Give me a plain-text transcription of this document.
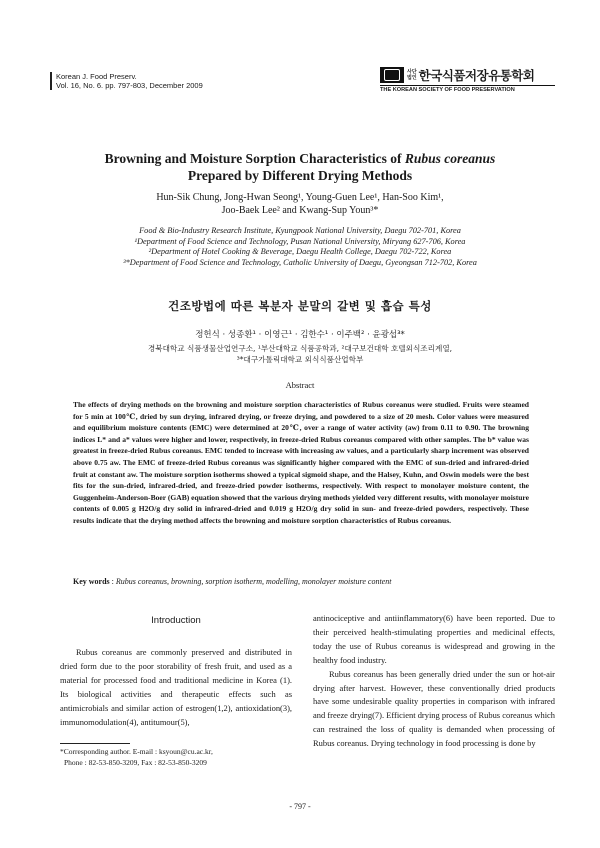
Korean J. Food Preserv.
Vol. 16, No. 6. pp. 797-803, December 2009
사단
법인 한국식품저장유통학회
THE KOREAN SOCIETY OF FOOD PRESERVATION
Browning and Moisture Sorption Characteristics of Rubus coreanus
Prepared by Different Drying Methods
Hun-Sik Chung, Jong-Hwan Seong¹, Young-Guen Lee¹, Han-Soo Kim¹,
Joo-Baek Lee² and Kwang-Sup Youn³*
Food & Bio-Industry Research Institute, Kyungpook National University, Daegu 702-701, Korea
¹Department of Food Science and Technology, Pusan National University, Miryang 627-706, Korea
²Department of Hotel Cooking & Beverage, Daegu Health College, Daegu 702-722, Korea
³*Department of Food Science and Technology, Catholic University of Daegu, Gyeongsan 712-702, Korea
건조방법에 따른 복분자 분말의 갈변 및 흡습 특성
정헌식 · 성종환¹ · 이영근¹ · 김한수¹ · 이주백² · 윤광섭³*
경북대학교 식품생물산업연구소, ¹부산대학교 식품공학과, ²대구보건대학 호텔외식조리계열,
³*대구가톨릭대학교 외식식품산업학부
Abstract
The effects of drying methods on the browning and moisture sorption characteristics of Rubus coreanus were studied. Fruits were steamed for 5 min at 100℃, dried by sun drying, infrared drying, or freeze drying, and powdered to a size of 20 mesh. Color values were measured and equilibrium moisture contents (EMC) were determined at 20℃, over a range of water activity (aw) from 0.11 to 0.90. The browning indices L* and a* values were higher and lower, respectively, in freeze-dried Rubus coreanus compared with other samples. The b* value was greatest in freeze-dried Rubus coreanus. EMC tended to increase with increasing aw values, and a particularly sharp increment was observed above 0.75 aw. The EMC of freeze-dried Rubus coreanus was significantly higher compared with the EMC of sun-dried and infrared-dried fruit at constant aw. The moisture sorption isotherms showed a typical sigmoid shape, and the Halsey, Kuhn, and Oswin models were the best fits for the sun-dried, infrared-dried, and freeze-dried powder isotherms, respectively. With respect to monolayer moisture content, the Guggenheim-Anderson-Boer (GAB) equation showed that the various drying methods yielded very different results, with monolayer moisture contents of 0.005 g H2O/g dry solid in infrared-dried and 0.019 g H2O/g dry solid in sun- and freeze-dried powders, respectively. These results indicate that the drying method affects the browning and moisture sorption characteristics of Rubus coreanus.
Key words : Rubus coreanus, browning, sorption isotherm, modelling, monolayer moisture content
Introduction

Rubus coreanus are commonly preserved and distributed in dried form due to the poor storability of fresh fruit, and used as a material for processed food and traditional medicine in Korea (1). Its biological activities and therapeutic effects such as antimicrobials and similar action of estrogen(1,2), antioxidation(3), immunomodulation(4), antitumour(5),

antinociceptive and antiinflammatory(6) have been reported. Due to their perceived health-stimulating properties and medicinal effects, today the use of Rubus coreanus is widespread and growing in the healthy food industry.

Rubus coreanus has been generally dried under the sun or hot-air drying after harvest. However, these conventionally dried products have some undesirable quality properties in comparison with infrared and freeze drying(7). Efficient drying process of Rubus coreanus which can restrained the loss of quality is demanded when processing of Rubus coreanus. Drying technology in food processing is done by

*Corresponding author. E-mail : ksyoun@cu.ac.kr,
Phone : 82-53-850-3209, Fax : 82-53-850-3209
- 797 -
